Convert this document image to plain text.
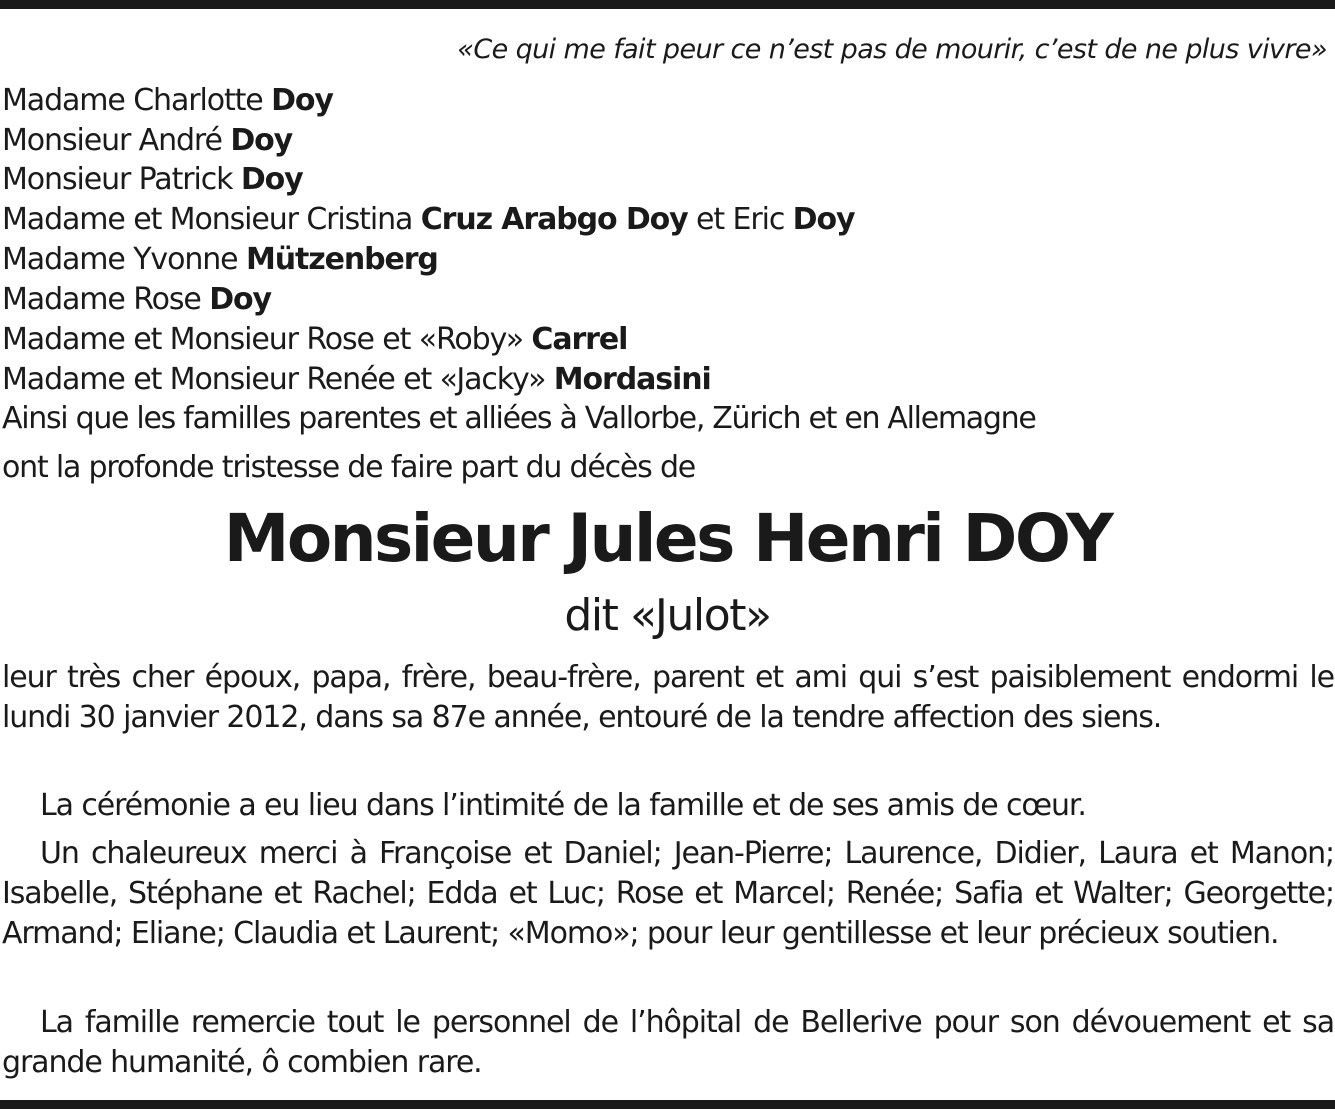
«Ce qui me fait peur ce n’est pas de mourir, c’est de ne plus vivre»
Madame Charlotte Doy
Monsieur André Doy
Monsieur Patrick Doy
Madame et Monsieur Cristina Cruz Arabgo Doy et Eric Doy
Madame Yvonne Mützenberg
Madame Rose Doy
Madame et Monsieur Rose et «Roby» Carrel
Madame et Monsieur Renée et «Jacky» Mordasini
Ainsi que les familles parentes et alliées à Vallorbe, Zürich et en Allemagne
ont la profonde tristesse de faire part du décès de
Monsieur Jules Henri DOY
dit «Julot»

leur très cher époux, papa, frère, beau-frère, parent et ami qui s’est paisiblement endormi le lundi 30 janvier 2012, dans sa 87e année, entouré de la tendre affection des siens.

La cérémonie a eu lieu dans l’intimité de la famille et de ses amis de cœur.

Un chaleureux merci à Françoise et Daniel; Jean-Pierre; Laurence, Didier, Laura et Manon; Isabelle, Stéphane et Rachel; Edda et Luc; Rose et Marcel; Renée; Safia et Walter; Georgette; Armand; Eliane; Claudia et Laurent; «Momo»; pour leur gentillesse et leur précieux soutien.

La famille remercie tout le personnel de l’hôpital de Bellerive pour son dévouement et sa grande humanité, ô combien rare.
